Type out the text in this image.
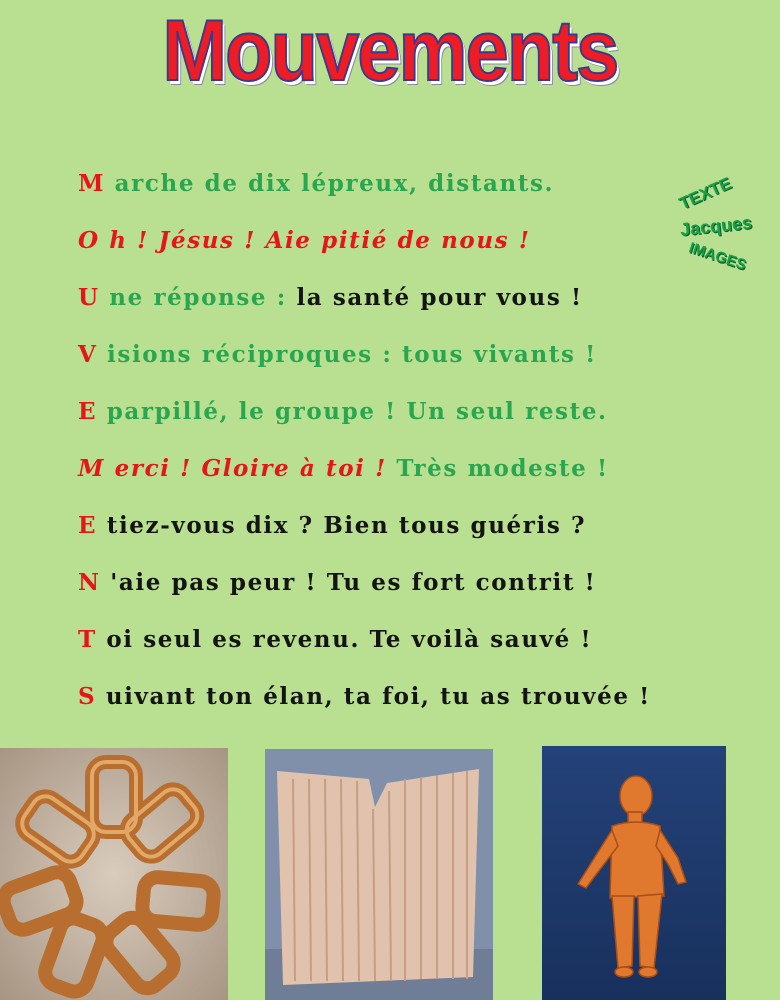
Mouvements
M arche de dix lépreux, distants.
O h ! Jésus ! Aie pitié de nous !
U ne réponse : la santé pour vous !
V isions réciproques : tous vivants !
E parpillé, le groupe ! Un seul reste.
M erci ! Gloire à toi ! Très modeste !
E tiez-vous dix ? Bien tous guéris ?
N 'aie pas peur ! Tu es fort contrit !
T oi seul es revenu. Te voilà sauvé !
S uivant ton élan, ta foi, tu as trouvée !
TEXTE
Jacques
IMAGES
